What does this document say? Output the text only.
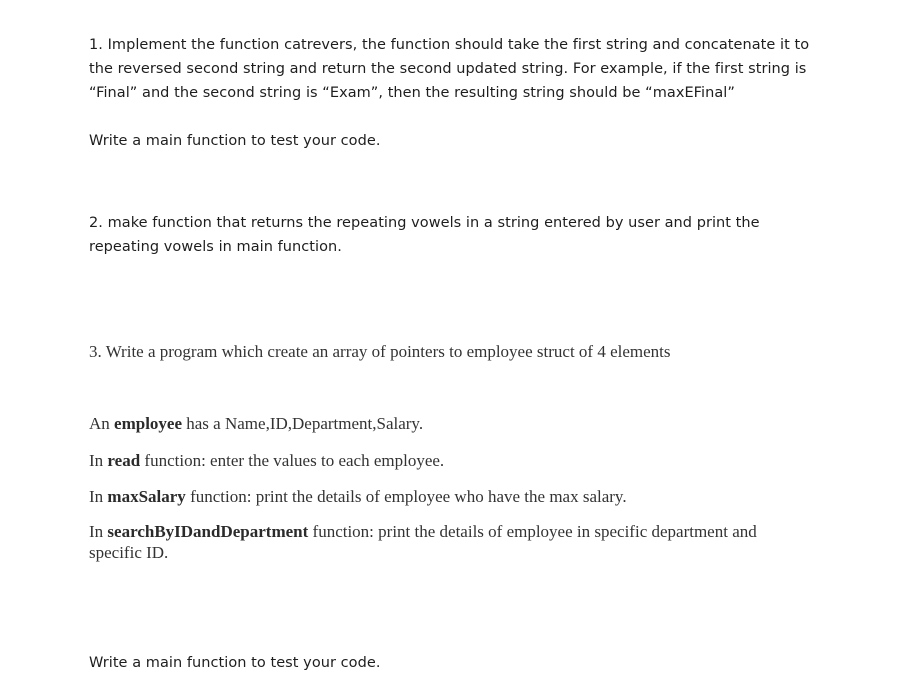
1. Implement the function catrevers, the function should take the first string and concatenate it to the reversed second string and return the second updated string. For example, if the first string is “Final” and the second string is “Exam”, then the resulting string should be “maxEFinal”

Write a main function to test your code.

2. make function that returns the repeating vowels in a string entered by user and print the repeating vowels in main function.

3. Write a program which create an array of pointers to employee struct of 4 elements

An employee has a Name,ID,Department,Salary.

In read function: enter the values to each employee.

In maxSalary function: print the details of employee who have the max salary.

In searchByIDandDepartment function: print the details of employee in specific department and specific ID.

Write a main function to test your code.
